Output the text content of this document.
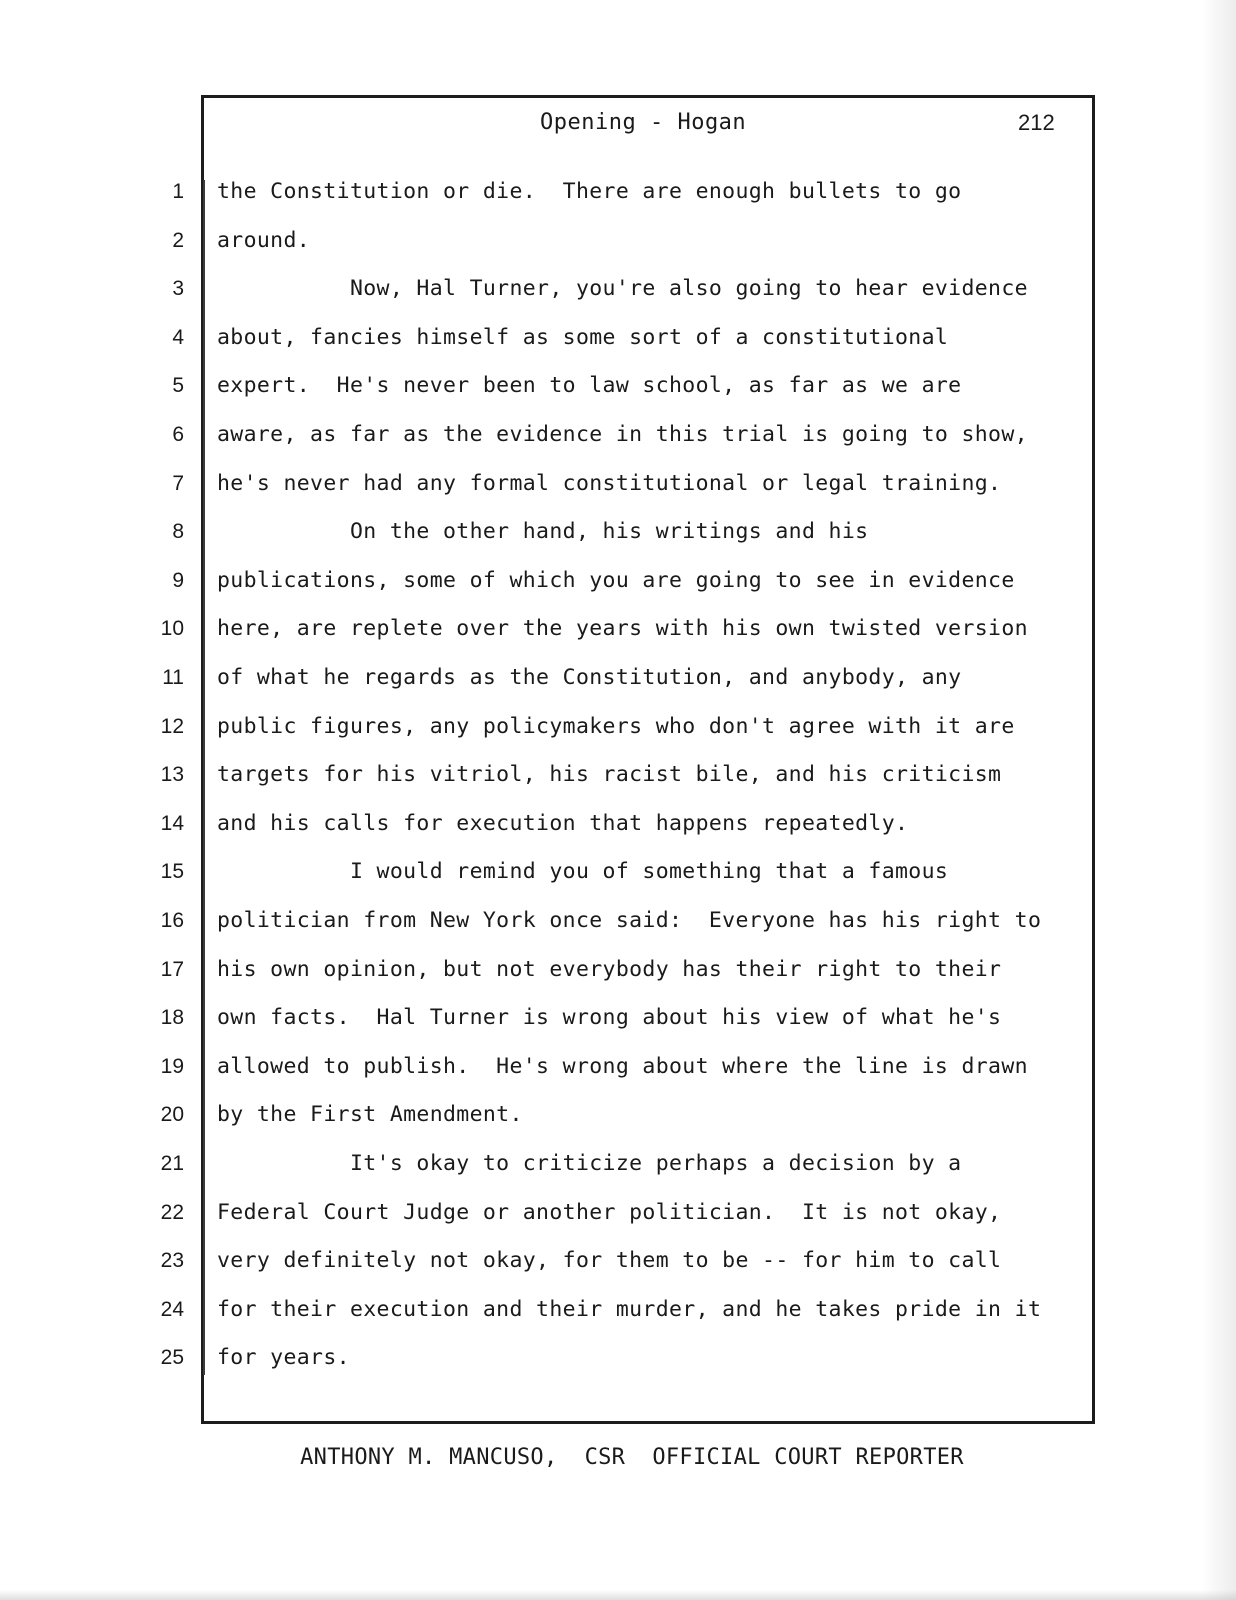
Opening - Hogan	212
1 the Constitution or die.  There are enough bullets to go
2 around.
3 Now, Hal Turner, you're also going to hear evidence
4 about, fancies himself as some sort of a constitutional
5 expert.  He's never been to law school, as far as we are
6 aware, as far as the evidence in this trial is going to show,
7 he's never had any formal constitutional or legal training.
8 On the other hand, his writings and his
9 publications, some of which you are going to see in evidence
10 here, are replete over the years with his own twisted version
11 of what he regards as the Constitution, and anybody, any
12 public figures, any policymakers who don't agree with it are
13 targets for his vitriol, his racist bile, and his criticism
14 and his calls for execution that happens repeatedly.
15 I would remind you of something that a famous
16 politician from New York once said:  Everyone has his right to
17 his own opinion, but not everybody has their right to their
18 own facts.  Hal Turner is wrong about his view of what he's
19 allowed to publish.  He's wrong about where the line is drawn
20 by the First Amendment.
21 It's okay to criticize perhaps a decision by a
22 Federal Court Judge or another politician.  It is not okay,
23 very definitely not okay, for them to be -- for him to call
24 for their execution and their murder, and he takes pride in it
25 for years.
ANTHONY M. MANCUSO,  CSR  OFFICIAL COURT REPORTER
